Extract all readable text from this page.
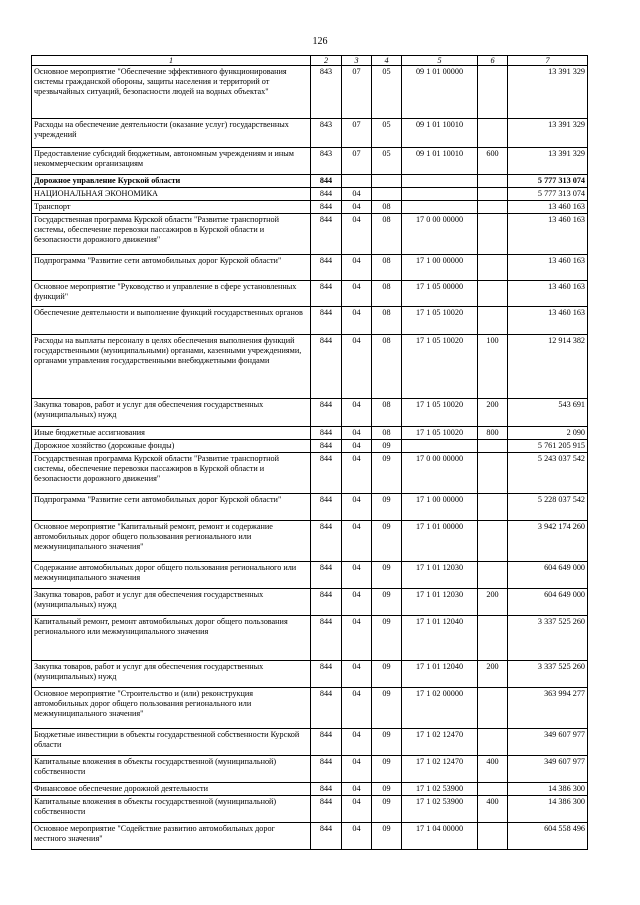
126
1	2	3	4	5	6	7
Основное мероприятие "Обеспечение эффективного функционирования системы гражданской обороны, защиты населения и территорий от чрезвычайных ситуаций, безопасности людей на водных объектах"	843	07	05	09 1 01 00000		13 391 329
Расходы на обеспечение деятельности (оказание услуг) государственных учреждений	843	07	05	09 1 01 10010		13 391 329
Предоставление субсидий бюджетным, автономным учреждениям и иным некоммерческим организациям	843	07	05	09 1 01 10010	600	13 391 329
Дорожное управление Курской области	844					5 777 313 074
НАЦИОНАЛЬНАЯ ЭКОНОМИКА	844	04				5 777 313 074
Транспорт	844	04	08			13 460 163
Государственная программа Курской области "Развитие транспортной системы, обеспечение перевозки пассажиров в Курской области и безопасности дорожного движения"	844	04	08	17 0 00 00000		13 460 163
Подпрограмма "Развитие сети автомобильных дорог Курской области"	844	04	08	17 1 00 00000		13 460 163
Основное мероприятие "Руководство и управление в сфере установленных функций"	844	04	08	17 1 05 00000		13 460 163
Обеспечение деятельности и выполнение функций государственных органов	844	04	08	17 1 05 10020		13 460 163
Расходы на выплаты персоналу в целях обеспечения выполнения функций государственными (муниципальными) органами, казенными учреждениями, органами управления государственными внебюджетными фондами	844	04	08	17 1 05 10020	100	12 914 382
Закупка товаров, работ и услуг для обеспечения государственных (муниципальных) нужд	844	04	08	17 1 05 10020	200	543 691
Иные бюджетные ассигнования	844	04	08	17 1 05 10020	800	2 090
Дорожное хозяйство (дорожные фонды)	844	04	09			5 761 205 915
Государственная программа Курской области "Развитие транспортной системы, обеспечение перевозки пассажиров в Курской области и безопасности дорожного движения"	844	04	09	17 0 00 00000		5 243 037 542
Подпрограмма "Развитие сети автомобильных дорог Курской области"	844	04	09	17 1 00 00000		5 228 037 542
Основное мероприятие "Капитальный ремонт, ремонт и содержание автомобильных дорог общего пользования регионального или межмуниципального значения"	844	04	09	17 1 01 00000		3 942 174 260
Содержание автомобильных дорог общего пользования регионального или межмуниципального значения	844	04	09	17 1 01 12030		604 649 000
Закупка товаров, работ и услуг для обеспечения государственных (муниципальных) нужд	844	04	09	17 1 01 12030	200	604 649 000
Капитальный ремонт, ремонт автомобильных дорог общего пользования регионального или межмуниципального значения	844	04	09	17 1 01 12040		3 337 525 260
Закупка товаров, работ и услуг для обеспечения государственных (муниципальных) нужд	844	04	09	17 1 01 12040	200	3 337 525 260
Основное мероприятие "Строительство и (или) реконструкция автомобильных дорог общего пользования регионального или межмуниципального значения"	844	04	09	17 1 02 00000		363 994 277
Бюджетные инвестиции в объекты государственной собственности Курской области	844	04	09	17 1 02 12470		349 607 977
Капитальные вложения в объекты государственной (муниципальной) собственности	844	04	09	17 1 02 12470	400	349 607 977
Финансовое обеспечение дорожной деятельности	844	04	09	17 1 02 53900		14 386 300
Капитальные вложения в объекты государственной (муниципальной) собственности	844	04	09	17 1 02 53900	400	14 386 300
Основное мероприятие "Содействие развитию автомобильных дорог местного значения"	844	04	09	17 1 04 00000		604 558 496
